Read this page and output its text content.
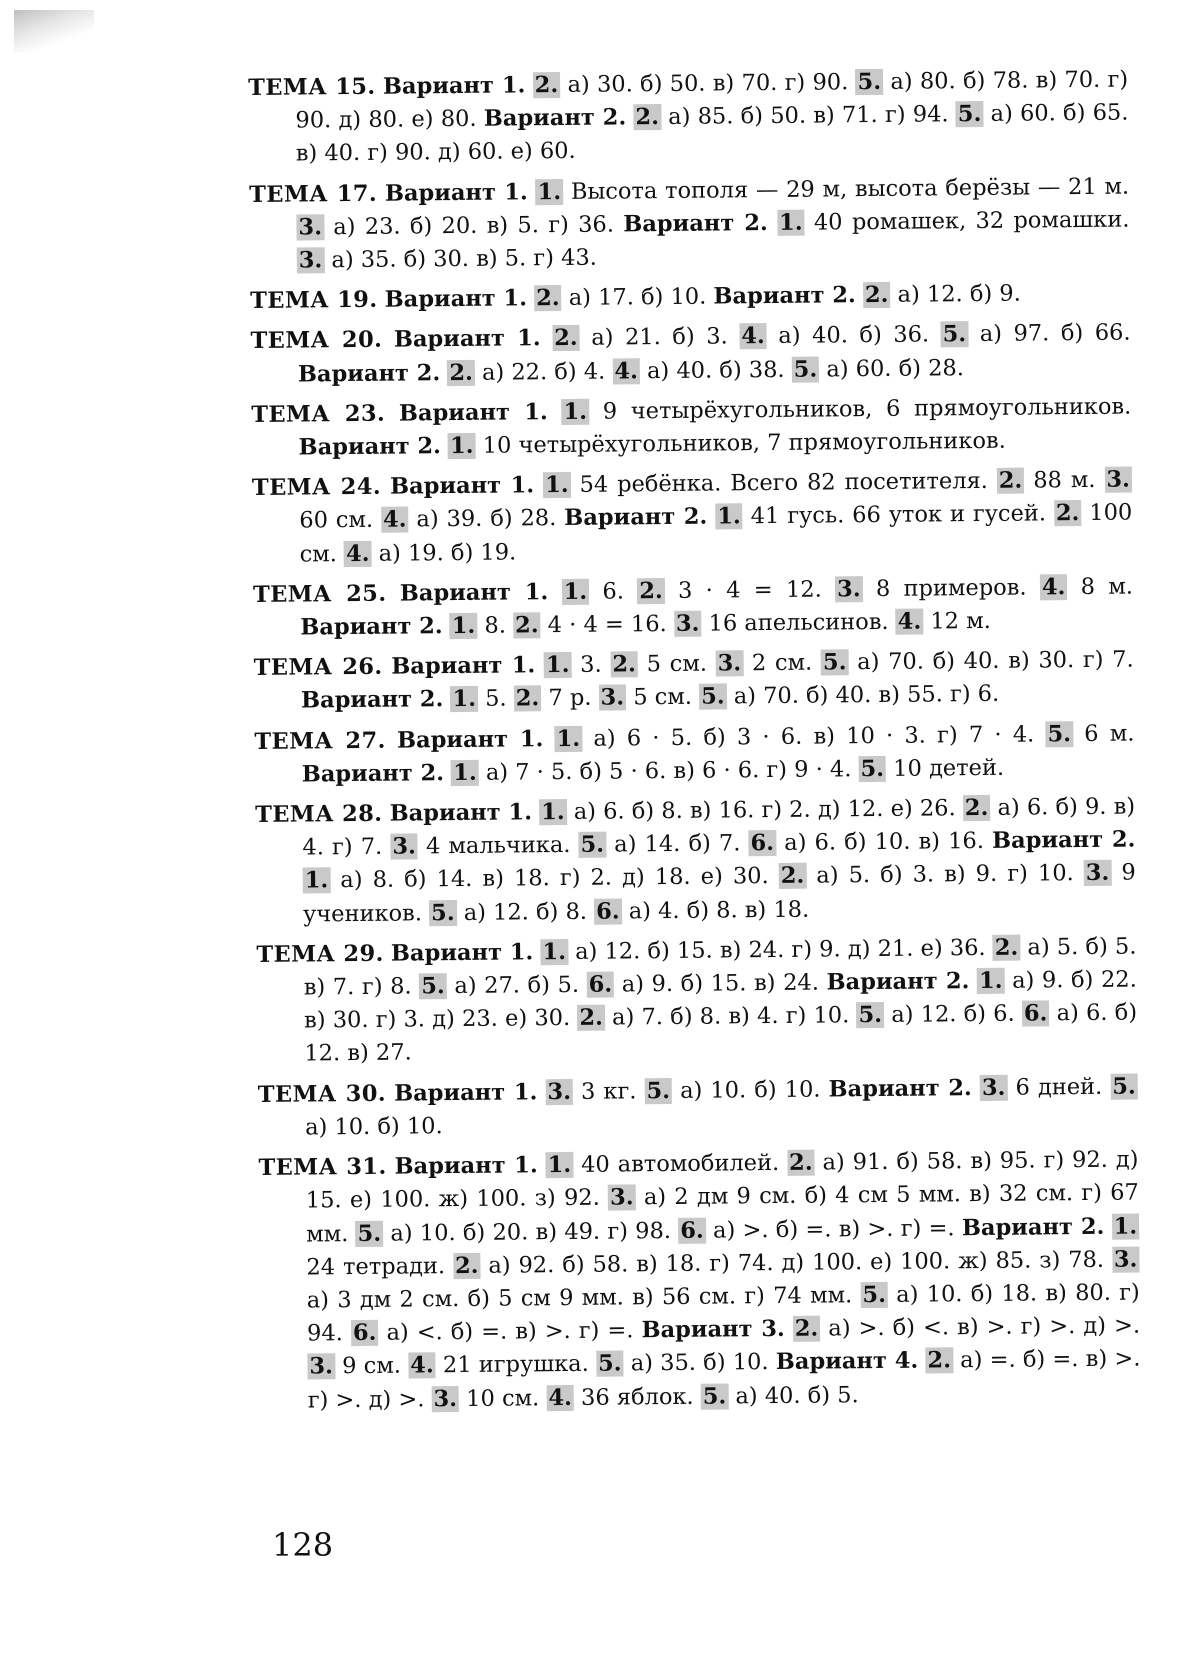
ТЕМА 15. Вариант 1. 2. а) 30. б) 50. в) 70. г) 90. 5. а) 80. б) 78. в) 70. г) 90. д) 80. е) 80. Вариант 2. 2. а) 85. б) 50. в) 71. г) 94. 5. а) 60. б) 65. в) 40. г) 90. д) 60. е) 60.

ТЕМА 17. Вариант 1. 1. Высота тополя — 29 м, высота берёзы — 21 м. 3. а) 23. б) 20. в) 5. г) 36. Вариант 2. 1. 40 ромашек, 32 ромашки. 3. а) 35. б) 30. в) 5. г) 43.

ТЕМА 19. Вариант 1. 2. а) 17. б) 10. Вариант 2. 2. а) 12. б) 9.

ТЕМА 20. Вариант 1. 2. а) 21. б) 3. 4. а) 40. б) 36. 5. а) 97. б) 66. Вариант 2. 2. а) 22. б) 4. 4. а) 40. б) 38. 5. а) 60. б) 28.

ТЕМА 23. Вариант 1. 1. 9 четырёхугольников, 6 прямоугольников. Вариант 2. 1. 10 четырёхугольников, 7 прямоугольников.

ТЕМА 24. Вариант 1. 1. 54 ребёнка. Всего 82 посетителя. 2. 88 м. 3. 60 см. 4. а) 39. б) 28. Вариант 2. 1. 41 гусь. 66 уток и гусей. 2. 100 см. 4. а) 19. б) 19.

ТЕМА 25. Вариант 1. 1. 6. 2. 3 · 4 = 12. 3. 8 примеров. 4. 8 м. Вариант 2. 1. 8. 2. 4 · 4 = 16. 3. 16 апельсинов. 4. 12 м.

ТЕМА 26. Вариант 1. 1. 3. 2. 5 см. 3. 2 см. 5. а) 70. б) 40. в) 30. г) 7. Вариант 2. 1. 5. 2. 7 р. 3. 5 см. 5. а) 70. б) 40. в) 55. г) 6.

ТЕМА 27. Вариант 1. 1. а) 6 · 5. б) 3 · 6. в) 10 · 3. г) 7 · 4. 5. 6 м. Вариант 2. 1. а) 7 · 5. б) 5 · 6. в) 6 · 6. г) 9 · 4. 5. 10 детей.

ТЕМА 28. Вариант 1. 1. а) 6. б) 8. в) 16. г) 2. д) 12. е) 26. 2. а) 6. б) 9. в) 4. г) 7. 3. 4 мальчика. 5. а) 14. б) 7. 6. а) 6. б) 10. в) 16. Вариант 2. 1. а) 8. б) 14. в) 18. г) 2. д) 18. е) 30. 2. а) 5. б) 3. в) 9. г) 10. 3. 9 учеников. 5. а) 12. б) 8. 6. а) 4. б) 8. в) 18.

ТЕМА 29. Вариант 1. 1. а) 12. б) 15. в) 24. г) 9. д) 21. е) 36. 2. а) 5. б) 5. в) 7. г) 8. 5. а) 27. б) 5. 6. а) 9. б) 15. в) 24. Вариант 2. 1. а) 9. б) 22. в) 30. г) 3. д) 23. е) 30. 2. а) 7. б) 8. в) 4. г) 10. 5. а) 12. б) 6. 6. а) 6. б) 12. в) 27.

ТЕМА 30. Вариант 1. 3. 3 кг. 5. а) 10. б) 10. Вариант 2. 3. 6 дней. 5. а) 10. б) 10.

ТЕМА 31. Вариант 1. 1. 40 автомобилей. 2. а) 91. б) 58. в) 95. г) 92. д) 15. е) 100. ж) 100. з) 92. 3. а) 2 дм 9 см. б) 4 см 5 мм. в) 32 см. г) 67 мм. 5. а) 10. б) 20. в) 49. г) 98. 6. а) >. б) =. в) >. г) =. Вариант 2. 1. 24 тетради. 2. а) 92. б) 58. в) 18. г) 74. д) 100. е) 100. ж) 85. з) 78. 3. а) 3 дм 2 см. б) 5 см 9 мм. в) 56 см. г) 74 мм. 5. а) 10. б) 18. в) 80. г) 94. 6. а) <. б) =. в) >. г) =. Вариант 3. 2. а) >. б) <. в) >. г) >. д) >. 3. 9 см. 4. 21 игрушка. 5. а) 35. б) 10. Вариант 4. 2. а) =. б) =. в) >. г) >. д) >. 3. 10 см. 4. 36 яблок. 5. а) 40. б) 5.

128
